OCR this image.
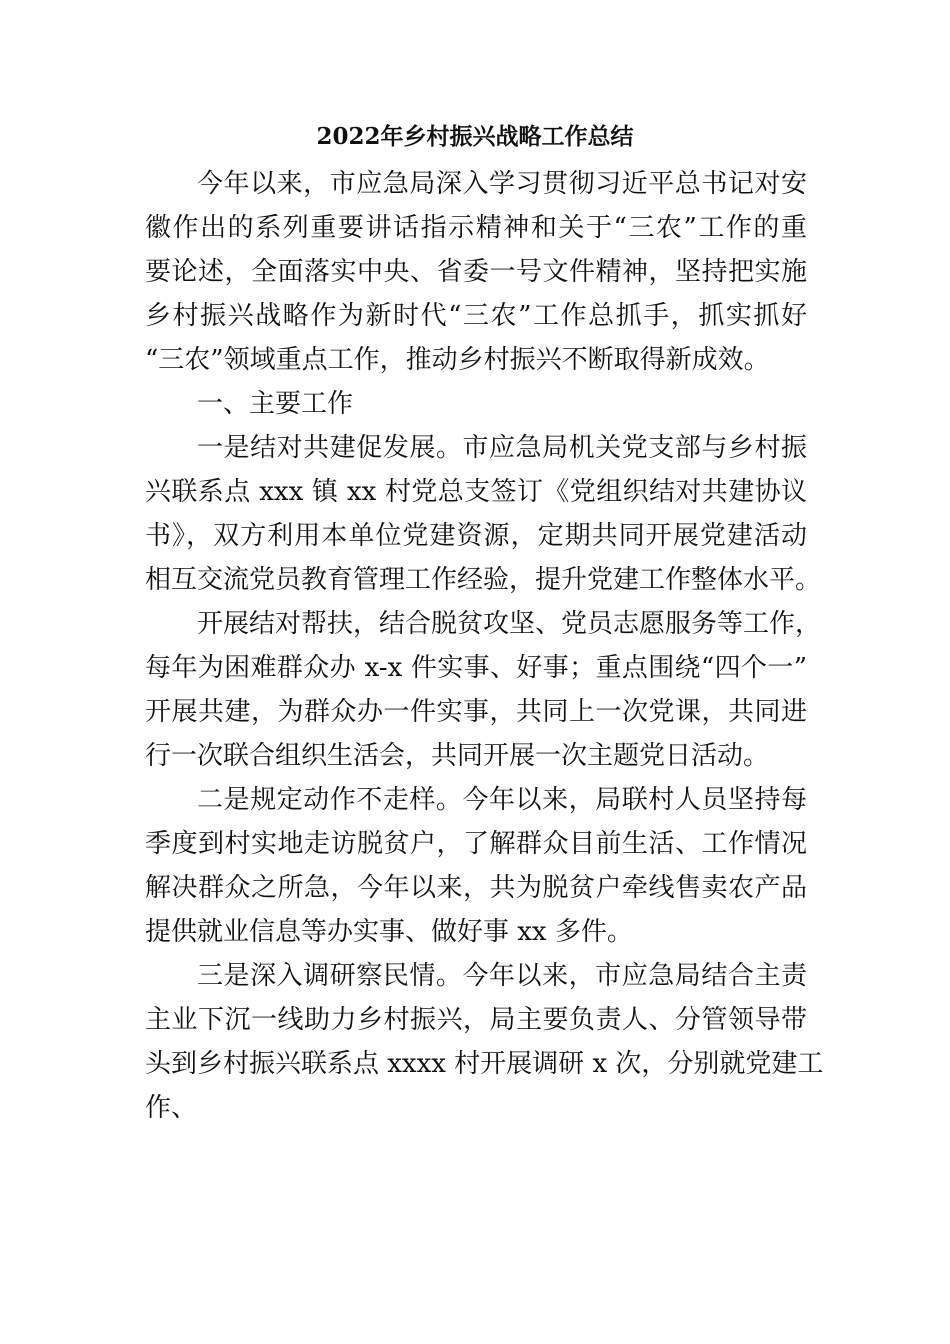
2022年乡村振兴战略工作总结
今年以来，市应急局深入学习贯彻习近平总书记对安
徽作出的系列重要讲话指示精神和关于“三农”工作的重
要论述，全面落实中央、省委一号文件精神，坚持把实施
乡村振兴战略作为新时代“三农”工作总抓手，抓实抓好
“三农”领域重点工作，推动乡村振兴不断取得新成效。
一、主要工作
一是结对共建促发展。市应急局机关党支部与乡村振
兴联系点 xxx 镇 xx 村党总支签订《党组织结对共建协议
书》，双方利用本单位党建资源，定期共同开展党建活动
相互交流党员教育管理工作经验，提升党建工作整体水平。
开展结对帮扶，结合脱贫攻坚、党员志愿服务等工作，
每年为困难群众办 x-x 件实事、好事；重点围绕“四个一”
开展共建，为群众办一件实事，共同上一次党课，共同进
行一次联合组织生活会，共同开展一次主题党日活动。
二是规定动作不走样。今年以来，局联村人员坚持每
季度到村实地走访脱贫户，了解群众目前生活、工作情况
解决群众之所急，今年以来，共为脱贫户牵线售卖农产品
提供就业信息等办实事、做好事 xx 多件。
三是深入调研察民情。今年以来，市应急局结合主责
主业下沉一线助力乡村振兴，局主要负责人、分管领导带
头到乡村振兴联系点 xxxx 村开展调研 x 次，分别就党建工
作、
